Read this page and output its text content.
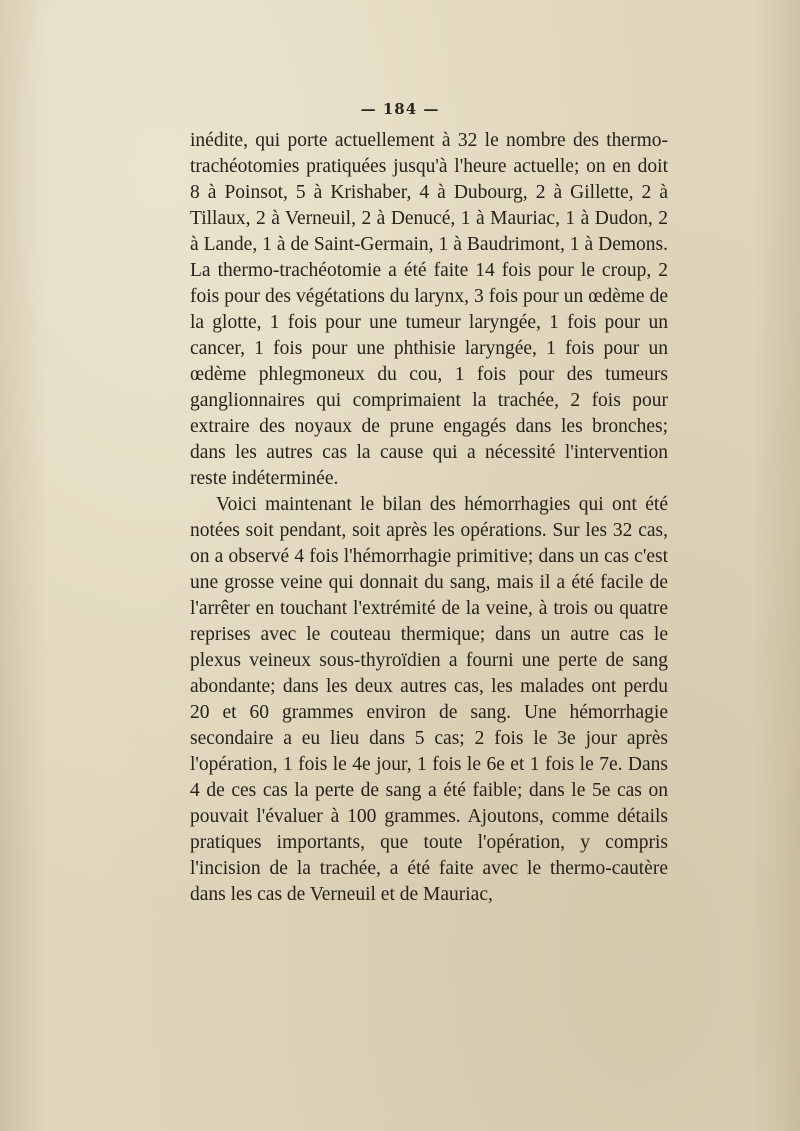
— 184 —

inédite, qui porte actuellement à 32 le nombre des thermo-trachéotomies pratiquées jusqu'à l'heure actuelle; on en doit 8 à Poinsot, 5 à Krishaber, 4 à Dubourg, 2 à Gillette, 2 à Tillaux, 2 à Verneuil, 2 à Denucé, 1 à Mauriac, 1 à Dudon, 2 à Lande, 1 à de Saint-Germain, 1 à Baudrimont, 1 à Demons. La thermo-trachéotomie a été faite 14 fois pour le croup, 2 fois pour des végétations du larynx, 3 fois pour un œdème de la glotte, 1 fois pour une tumeur laryngée, 1 fois pour un cancer, 1 fois pour une phthisie laryngée, 1 fois pour un œdème phlegmoneux du cou, 1 fois pour des tumeurs ganglionnaires qui comprimaient la trachée, 2 fois pour extraire des noyaux de prune engagés dans les bronches; dans les autres cas la cause qui a nécessité l'intervention reste indéterminée.

Voici maintenant le bilan des hémorrhagies qui ont été notées soit pendant, soit après les opérations. Sur les 32 cas, on a observé 4 fois l'hémorrhagie primitive; dans un cas c'est une grosse veine qui donnait du sang, mais il a été facile de l'arrêter en touchant l'extrémité de la veine, à trois ou quatre reprises avec le couteau thermique; dans un autre cas le plexus veineux sous-thyroïdien a fourni une perte de sang abondante; dans les deux autres cas, les malades ont perdu 20 et 60 grammes environ de sang. Une hémorrhagie secondaire a eu lieu dans 5 cas; 2 fois le 3e jour après l'opération, 1 fois le 4e jour, 1 fois le 6e et 1 fois le 7e. Dans 4 de ces cas la perte de sang a été faible; dans le 5e cas on pouvait l'évaluer à 100 grammes. Ajoutons, comme détails pratiques importants, que toute l'opération, y compris l'incision de la trachée, a été faite avec le thermo-cautère dans les cas de Verneuil et de Mauriac,
